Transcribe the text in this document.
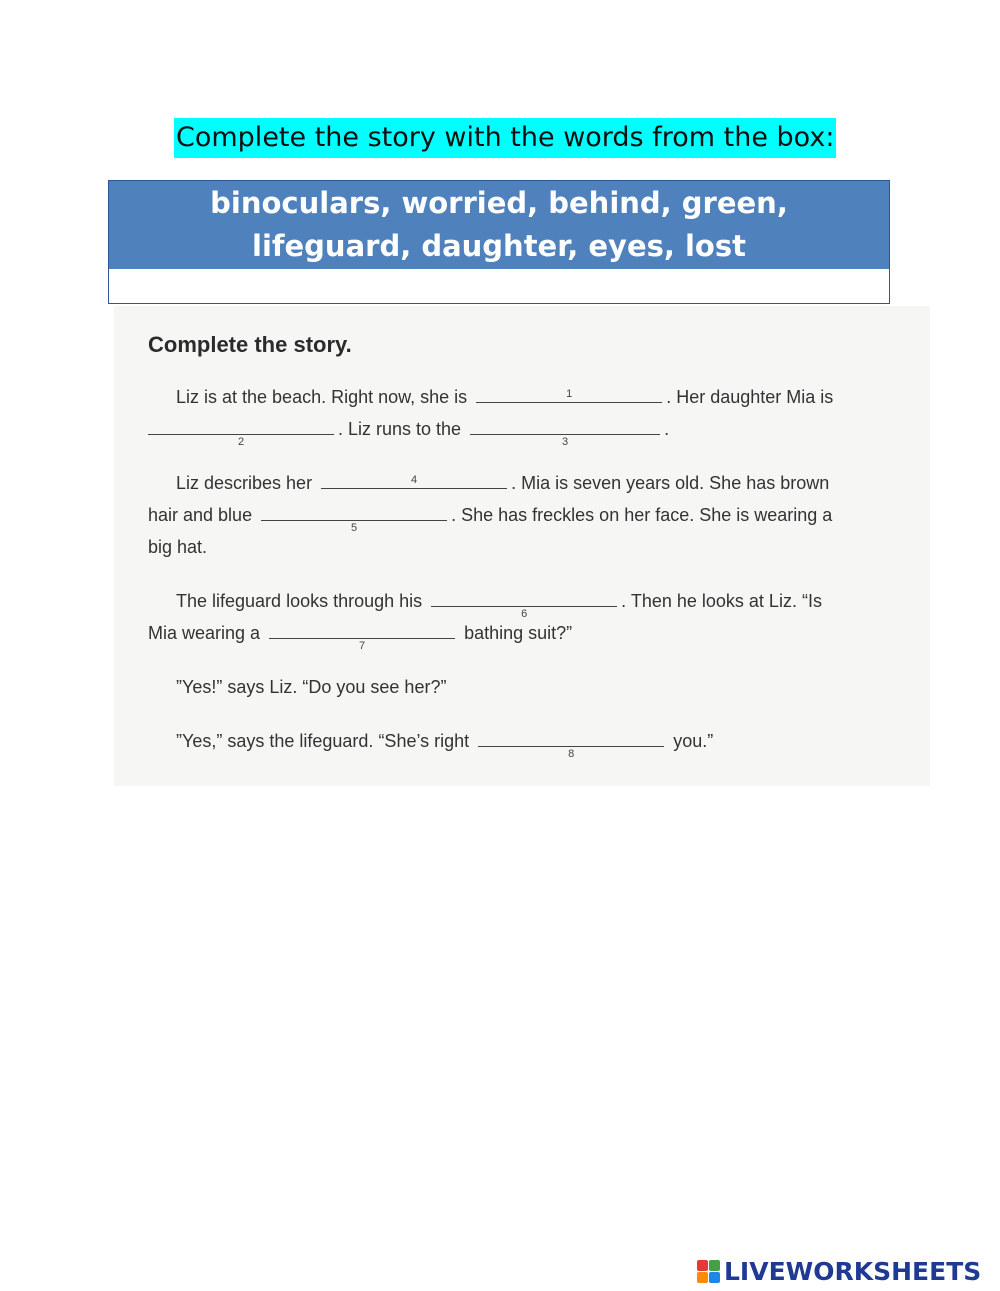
Complete the story with the words from the box:
binoculars, worried, behind, green, lifeguard, daughter, eyes, lost
Complete the story.
Liz is at the beach. Right now, she is	1	. Her daughter Mia is
2
. Liz runs to the
3
.
Liz describes her	4	. Mia is seven years old. She has brown
hair and blue
5
. She has freckles on her face. She is wearing a
big hat.
The lifeguard looks through his
6
. Then he looks at Liz. “Is
Mia wearing a
7
bathing suit?”
”Yes!” says Liz. “Do you see her?”
”Yes,” says the lifeguard. “She’s right
8
you.”
LIVEWORKSHEETS
